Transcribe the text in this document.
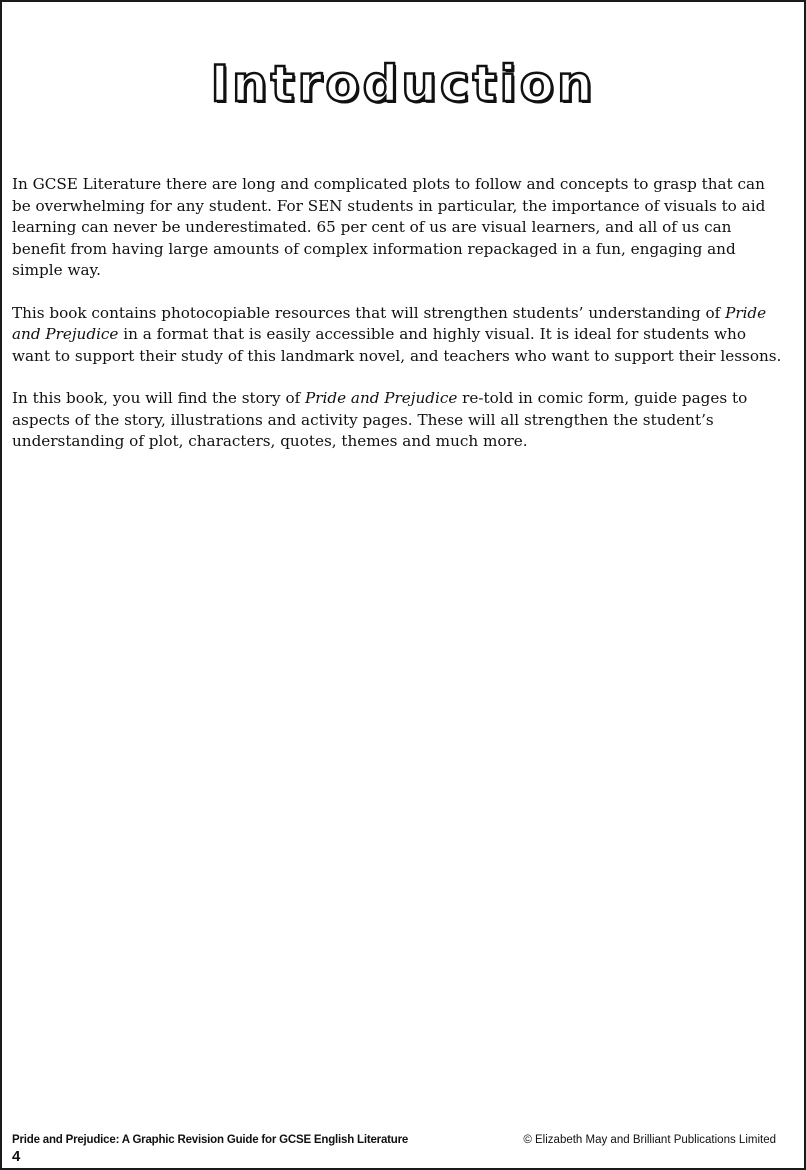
Introduction

In GCSE Literature there are long and complicated plots to follow and concepts to grasp that can be overwhelming for any student. For SEN students in particular, the importance of visuals to aid learning can never be underestimated. 65 per cent of us are visual learners, and all of us can benefit from having large amounts of complex information repackaged in a fun, engaging and simple way.

This book contains photocopiable resources that will strengthen students’ understanding of Pride and Prejudice in a format that is easily accessible and highly visual. It is ideal for students who want to support their study of this landmark novel, and teachers who want to support their lessons.

In this book, you will find the story of Pride and Prejudice re-told in comic form, guide pages to aspects of the story, illustrations and activity pages. These will all strengthen the student’s understanding of plot, characters, quotes, themes and much more.

Pride and Prejudice: A Graphic Revision Guide for GCSE English Literature	© Elizabeth May and Brilliant Publications Limited
4
